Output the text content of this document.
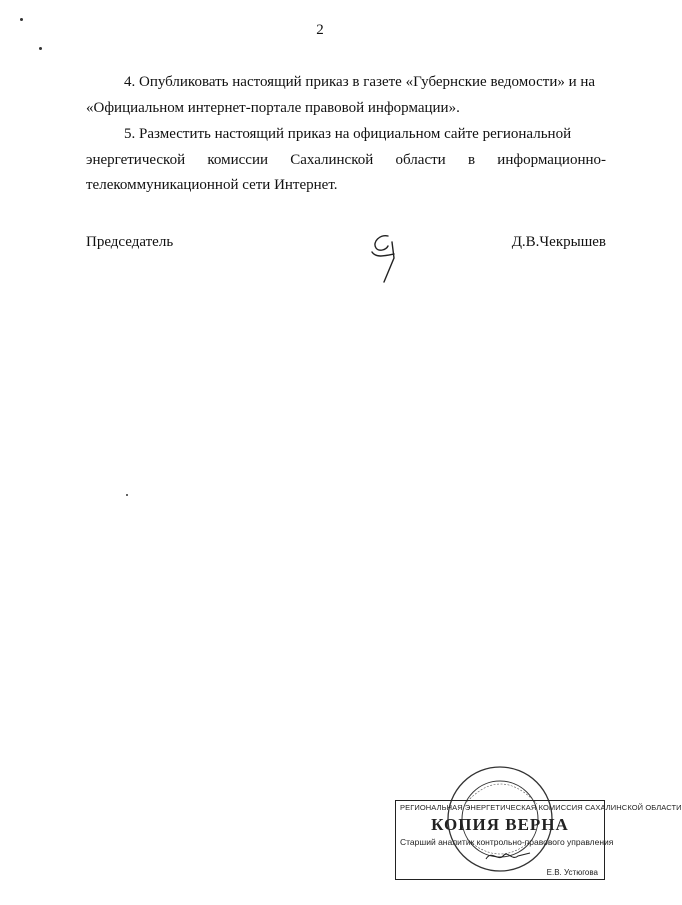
2
4. Опубликовать настоящий приказ в газете «Губернские ведомости» и на
«Официальном интернет-портале правовой информации».
5. Разместить настоящий приказ на официальном сайте региональной
энергетической комиссии Сахалинской области в информационно-телекоммуникационной сети Интернет.
Председатель	Д.В.Чекрышев
РЕГИОНАЛЬНАЯ ЭНЕРГЕТИЧЕСКАЯ КОМИССИЯ САХАЛИНСКОЙ ОБЛАСТИ
КОПИЯ ВЕРНА
Старший аналитик контрольно-правового управления
Е.В. Устюгова
